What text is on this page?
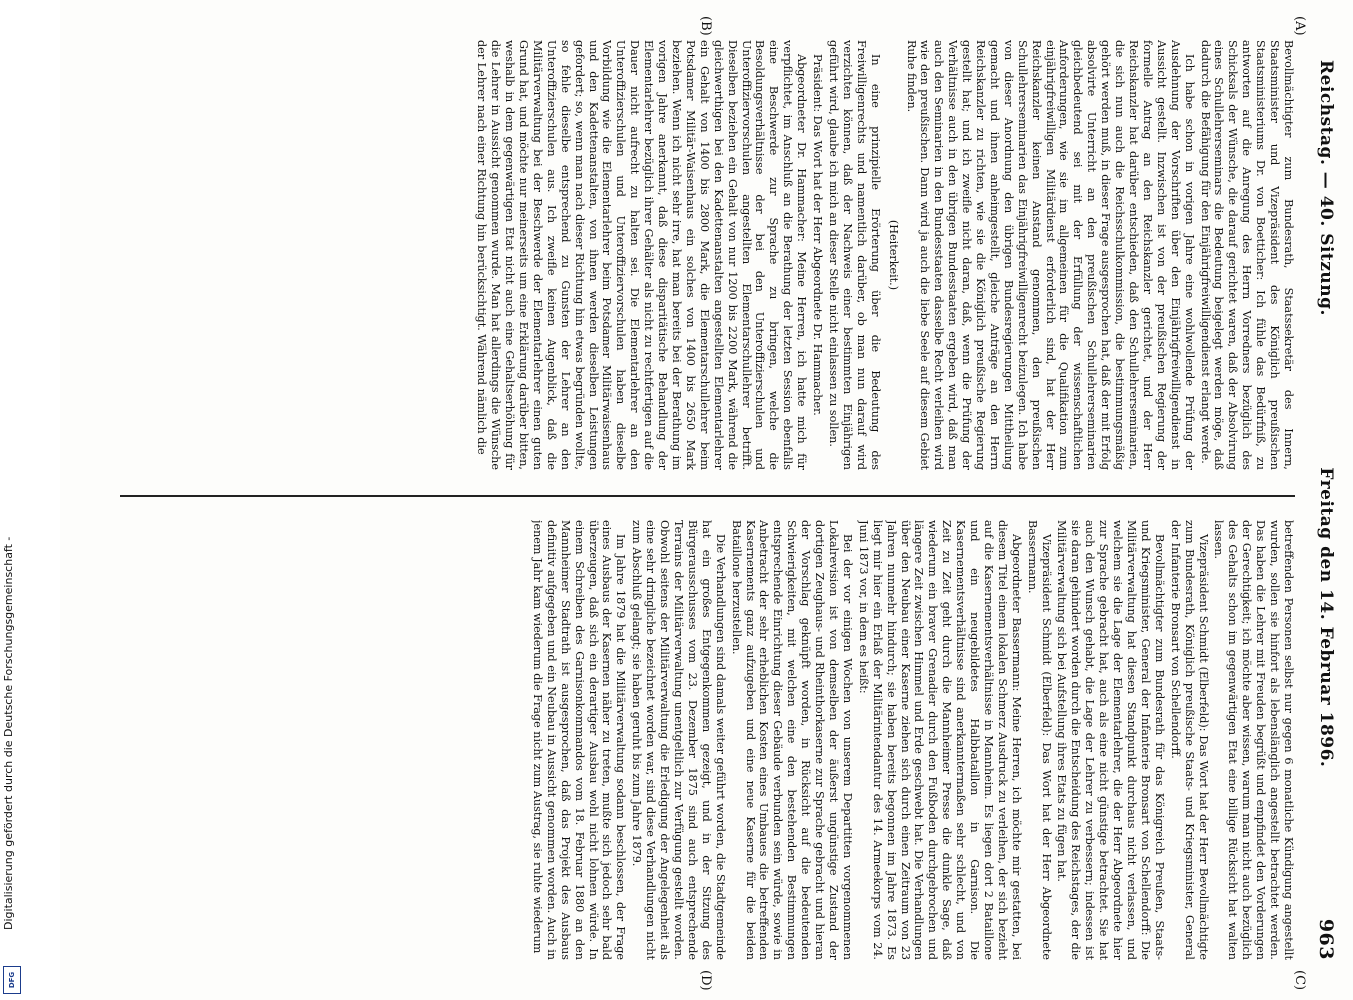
Reichstag. — 40. Sitzung.
Freitag den 14. Februar 1896.
963
(A)
(B)
(C)
(D)

Bevollmächtigter zum Bundesrath, Staatssekretär des Innern, Staatsminister und Vizepräsident des Königlich preußischen Staatsministeriums Dr. von Boetticher: Ich fühle das Bedürfniß, zu antworten auf die Anregung des Herrn Vorredners bezüglich des Schicksals der Wünsche, die darauf gerichtet waren, daß der Absolvirung eines Schullehrerseminars die Bedeutung beigelegt werden möge, daß dadurch die Befähigung für den Einjährigfreiwilligendienst erlangt werde.

Ich habe schon in vorigen Jahre eine wohlwollende Prüfung der Ausdehnung der Vorschriften über den Einjährigfreiwilligendienst in Aussicht gestellt. Inzwischen ist von der preußischen Regierung der formelle Antrag an den Reichskanzler gerichtet, und der Herr Reichskanzler hat darüber entschieden, daß den Schullehrerseminarien, die sich nun auch die Reichsschulkommission, die bestimmungsmäßig gehört werden muß, in dieser Frage ausgesprochen hat, daß der mit Erfolg absolvirte Unterricht an den preußischen Schullehrerseminarien gleichbedeutend sei mit der Erfüllung der wissenschaftlichen Anforderungen, wie sie im allgemeinen für die Qualifikation zum einjährigfreiwilligen Militärdienst erforderlich sind, hat der Herr Reichskanzler keinen Anstand genommen, den preußischen Schullehrerseminarien das Einjährigfreiwilligenrecht beizulegen. Ich habe von dieser Anordnung den übrigen Bundesregierungen Mittheilung gemacht und ihnen anheimgestellt, gleiche Anträge an den Herrn Reichskanzler zu richten, wie sie die Königlich preußische Regierung gestellt hat; und ich zweifle nicht daran, daß, wenn die Prüfung der Verhältnisse auch in den übrigen Bundesstaaten ergeben wird, daß man auch den Seminarien in den Bundesstaaten dasselbe Recht verleihen wird wie den preußischen. Dann wird ja auch die liebe Seele auf diesem Gebiet Ruhe finden.

(Heiterkeit.)

In eine prinzipielle Erörterung über die Bedeutung des Freiwilligenrechts und namentlich darüber, ob man nun darauf wird verzichten können, daß der Nachweis einer bestimmten Einjährigen geführt wird, glaube ich mich an dieser Stelle nicht einlassen zu sollen.

Präsident: Das Wort hat der Herr Abgeordnete Dr. Hammacher.

Abgeordneter Dr. Hammacher: Meine Herren, ich hatte mich für verpflichtet, im Anschluß an die Berathung der letzten Session ebenfalls eine Beschwerde zur Sprache zu bringen, welche die Besoldungsverhältnisse der bei den Unteroffizierschulen und Unteroffiziervorschulen angestellten Elementarschullehrer betrifft. Dieselben beziehen ein Gehalt von nur 1200 bis 2200 Mark, während die gleichwerthigen bei den Kadettenanstalten angestellten Elementarlehrer ein Gehalt von 1400 bis 2800 Mark, die Elementarschullehrer beim Potsdamer Militär-Waisenhaus ein solches von 1400 bis 2650 Mark beziehen. Wenn ich nicht sehr irre, hat man bereits bei der Berathung im vorigen Jahre anerkannt, daß diese disparitätische Behandlung der Elementarlehrer bezüglich ihrer Gehälter als nicht zu rechtfertigen auf die Dauer nicht aufrecht zu halten sei. Die Elementarlehrer an den Unteroffizierschulen und Unteroffiziervorschulen haben dieselbe Vorbildung wie die Elementarlehrer beim Potsdamer Militärwaisenhaus und den Kadettenanstalten, von ihnen werden dieselben Leistungen gefordert; so, wenn man nach dieser Richtung hin etwas begründen wollte, so fehle dieselbe entsprechend zu Gunsten der Lehrer an den Unteroffizierschulen aus. Ich zweifle keinen Augenblick, daß die Militärverwaltung bei der Beschwerde der Elementarlehrer einen guten Grund hat, und möchte nur meinerseits um eine Erklärung darüber bitten, weshalb in dem gegenwärtigen Etat nicht auch eine Gehaltserhöhung für die Lehrer in Aussicht genommen wurde. Man hat allerdings die Wünsche der Lehrer nach einer Richtung hin berücksichtigt. Während nämlich die

betreffenden Personen selbst nur gegen 6 monatliche Kündigung angestellt wurden, sollen sie hinfort als lebenslänglich angestellt betrachtet werden. Das haben die Lehrer mit Freuden begrüßt und empfindet den Vorderungen der Gerechtigkeit; ich möchte aber wissen, warum man nicht auch bezüglich des Gehalts schon im gegenwärtigen Etat eine billige Rücksicht hat walten lassen.

Vizepräsident Schmidt (Elberfeld): Das Wort hat der Herr Bevollmächtigte zum Bundesrath, Königlich preußische Staats- und Kriegsminister, General der Infanterie Bronsart von Schellendorff.

Bevollmächtigter zum Bundesrath für das Königreich Preußen, Staats- und Kriegsminister, General der Infanterie Bronsart von Schellendorff: Die Militärverwaltung hat diesen Standpunkt durchaus nicht verlassen, und welchem sie die Lage der Elementarlehrer, die der Herr Abgeordnete hier zur Sprache gebracht hat, auch als eine nicht günstige betrachtet. Sie hat auch den Wunsch gehabt, die Lage der Lehrer zu verbessern; indessen ist sie daran gehindert worden durch die Entscheidung des Reichstages, der die Militärverwaltung sich bei Aufstellung ihres Etats zu fügen hat.

Vizepräsident Schmidt (Elberfeld): Das Wort hat der Herr Abgeordnete Bassermann.

Abgeordneter Bassermann: Meine Herren, ich möchte mir gestatten, bei diesem Titel einem lokalen Schmerz Ausdruck zu verleihen, der sich bezieht auf die Kasernementsverhältnisse in Mannheim. Es liegen dort 2 Bataillone und ein neugebildetes Halbbataillon in Garnison. Die Kasernementsverhältnisse sind anerkanntermaßen sehr schlecht, und von Zeit zu Zeit geht durch die Mannheimer Presse die dunkle Sage, daß wiederum ein braver Grenadier durch den Fußboden durchgebrochen und längere Zeit zwischen Himmel und Erde geschwebt hat. Die Verhandlungen über den Neubau einer Kaserne ziehen sich durch einen Zeitraum von 23 Jahren nunmehr hindurch; sie haben bereits begonnen im Jahre 1873. Es liegt mir hier ein Erlaß der Militärintendantur des 14. Armeekorps vom 24. Juni 1873 vor, in dem es heißt:

Bei der vor einigen Wochen von unserem Departitten vorgenommenen Lokalrevision ist von demselben der äußerst ungünstige Zustand der dortigen Zeughaus- und Rheinthorkaserne zur Sprache gebracht und hieran der Vorschlag geknüpft worden, in Rücksicht auf die bedeutenden Schwierigkeiten, mit welchen eine den bestehenden Bestimmungen entsprechende Einrichtung dieser Gebäude verbunden sein würde, sowie in Anbetracht der sehr erheblichen Kosten eines Umbaues die betreffenden Kasernements ganz aufzugeben und eine neue Kaserne für die beiden Bataillone herzustellen.

Die Verhandlungen sind damals weiter geführt worden, die Stadtgemeinde hat ein großes Entgegenkommen gezeigt, und in der Sitzung des Bürgerausschusses vom 23. Dezember 1875 sind auch entsprechende Terrains der Militärverwaltung unentgeltlich zur Verfügung gestellt worden. Obwohl seitens der Militärverwaltung die Erledigung der Angelegenheit als eine sehr dringliche bezeichnet worden war, sind diese Verhandlungen nicht zum Abschluß gelangt; sie haben geruht bis zum Jahre 1879.

Im Jahre 1879 hat die Militärverwaltung sodann beschlossen, der Frage eines Ausbaus der Kasernen näher zu treten, mußte sich jedoch sehr bald überzeugen, daß sich ein derartiger Ausbau wohl nicht lohnen würde. In einem Schreiben des Garnisonkommandos vom 18. Februar 1880 an den Mannheimer Stadtrath ist ausgesprochen, daß das Projekt des Ausbaus definitiv aufgegeben und ein Neubau in Aussicht genommen worden. Auch in jenem Jahr kam wiederum die Frage nicht zum Austrag, sie ruhte wiederum

Digitalisierung gefördert durch die Deutsche Forschungsgemeinschaft -
DFG
